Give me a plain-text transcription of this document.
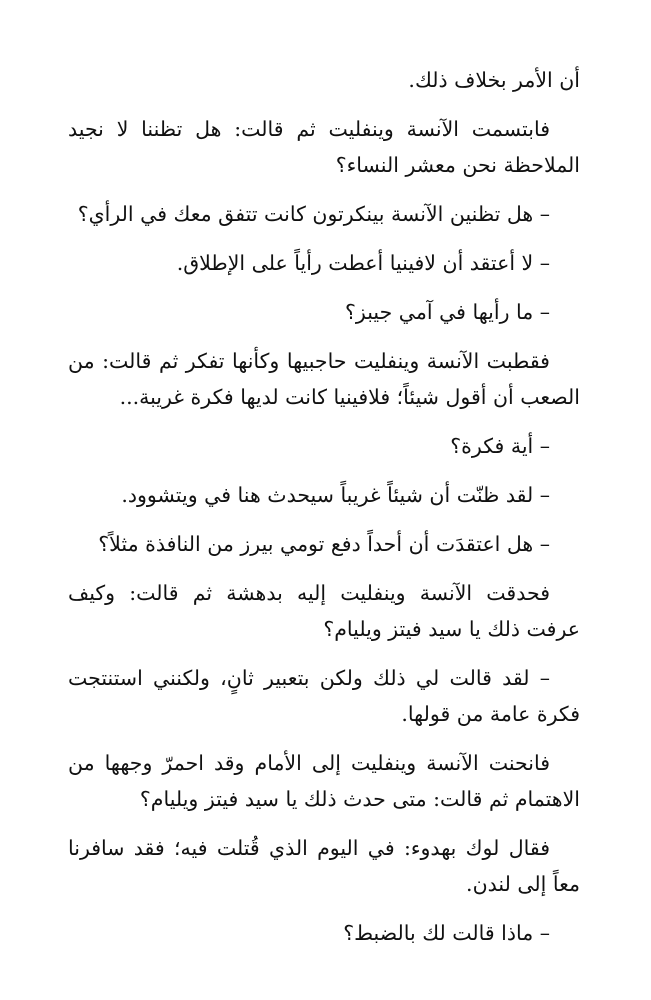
أن الأمر بخلاف ذلك.

فابتسمت الآنسة وينفليت ثم قالت: هل تظننا لا نجيد الملاحظة نحن معشر النساء؟

– هل تظنين الآنسة بينكرتون كانت تتفق معك في الرأي؟

– لا أعتقد أن لافينيا أعطت رأياً على الإطلاق.

– ما رأيها في آمي جيبز؟

فقطبت الآنسة وينفليت حاجبيها وكأنها تفكر ثم قالت: من الصعب أن أقول شيئاً؛ فلافينيا كانت لديها فكرة غريبة...

– أية فكرة؟

– لقد ظنّت أن شيئاً غريباً سيحدث هنا في ويتشوود.

– هل اعتقدَت أن أحداً دفع تومي بيرز من النافذة مثلاً؟

فحدقت الآنسة وينفليت إليه بدهشة ثم قالت: وكيف عرفت ذلك يا سيد فيتز ويليام؟

– لقد قالت لي ذلك ولكن بتعبير ثانٍ، ولكنني استنتجت فكرة عامة من قولها.

فانحنت الآنسة وينفليت إلى الأمام وقد احمرّ وجهها من الاهتمام ثم قالت: متى حدث ذلك يا سيد فيتز ويليام؟

فقال لوك بهدوء: في اليوم الذي قُتلت فيه؛ فقد سافرنا معاً إلى لندن.

– ماذا قالت لك بالضبط؟
